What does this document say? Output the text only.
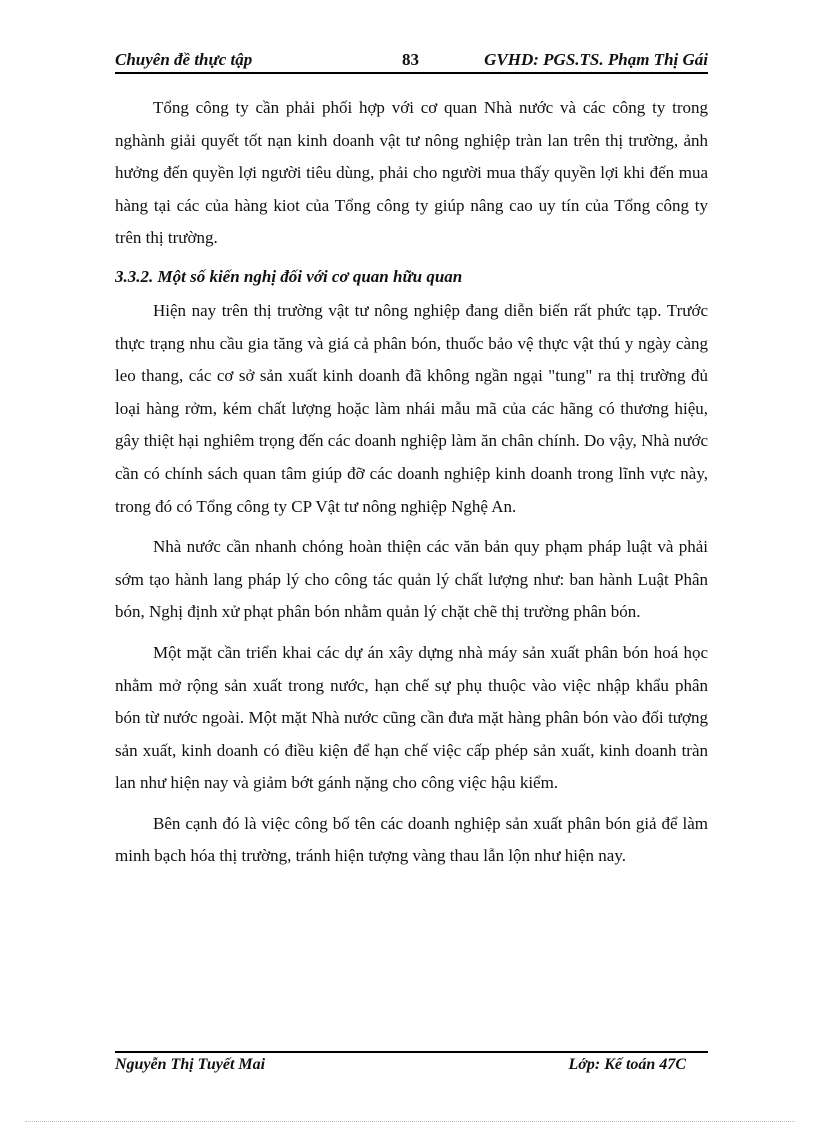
Chuyên đề thực tập	83	GVHD: PGS.TS. Phạm Thị Gái

Tổng công ty cần phải phối hợp với cơ quan Nhà nước và các công ty trong nghành giải quyết tốt nạn kinh doanh vật tư nông nghiệp tràn lan trên thị trường, ảnh hưởng đến quyền lợi người tiêu dùng, phải cho người mua thấy quyền lợi khi đến mua hàng tại các của hàng kiot của Tổng công ty giúp nâng cao uy tín của Tổng công ty trên thị trường.

3.3.2. Một số kiến nghị đối với cơ quan hữu quan

Hiện nay trên thị trường vật tư nông nghiệp đang diễn biến rất phức tạp. Trước thực trạng nhu cầu gia tăng và giá cả phân bón, thuốc bảo vệ thực vật thú y ngày càng leo thang, các cơ sở sản xuất kinh doanh đã không ngần ngại "tung" ra thị trường đủ loại hàng rởm, kém chất lượng hoặc làm nhái mẫu mã của các hãng có thương hiệu, gây thiệt hại nghiêm trọng đến các doanh nghiệp làm ăn chân chính. Do vậy, Nhà nước cần có chính sách quan tâm giúp đỡ các doanh nghiệp kinh doanh trong lĩnh vực này, trong đó có Tổng công ty CP Vật tư nông nghiệp Nghệ An.

Nhà nước cần nhanh chóng hoàn thiện các văn bản quy phạm pháp luật và phải sớm tạo hành lang pháp lý cho công tác quản lý chất lượng như: ban hành Luật Phân bón, Nghị định xử phạt phân bón nhằm quản lý chặt chẽ thị trường phân bón.

Một mặt cần triển khai các dự án xây dựng nhà máy sản xuất phân bón hoá học nhằm mở rộng sản xuất trong nước, hạn chế sự phụ thuộc vào việc nhập khẩu phân bón từ nước ngoài. Một mặt Nhà nước cũng cần đưa mặt hàng phân bón vào đối tượng sản xuất, kinh doanh có điều kiện để hạn chế việc cấp phép sản xuất, kinh doanh tràn lan như hiện nay và giảm bớt gánh nặng cho công việc hậu kiểm.

Bên cạnh đó là việc công bố tên các doanh nghiệp sản xuất phân bón giả để làm minh bạch hóa thị trường, tránh hiện tượng vàng thau lẫn lộn như hiện nay.

Nguyễn Thị Tuyết Mai	Lớp: Kế toán 47C
